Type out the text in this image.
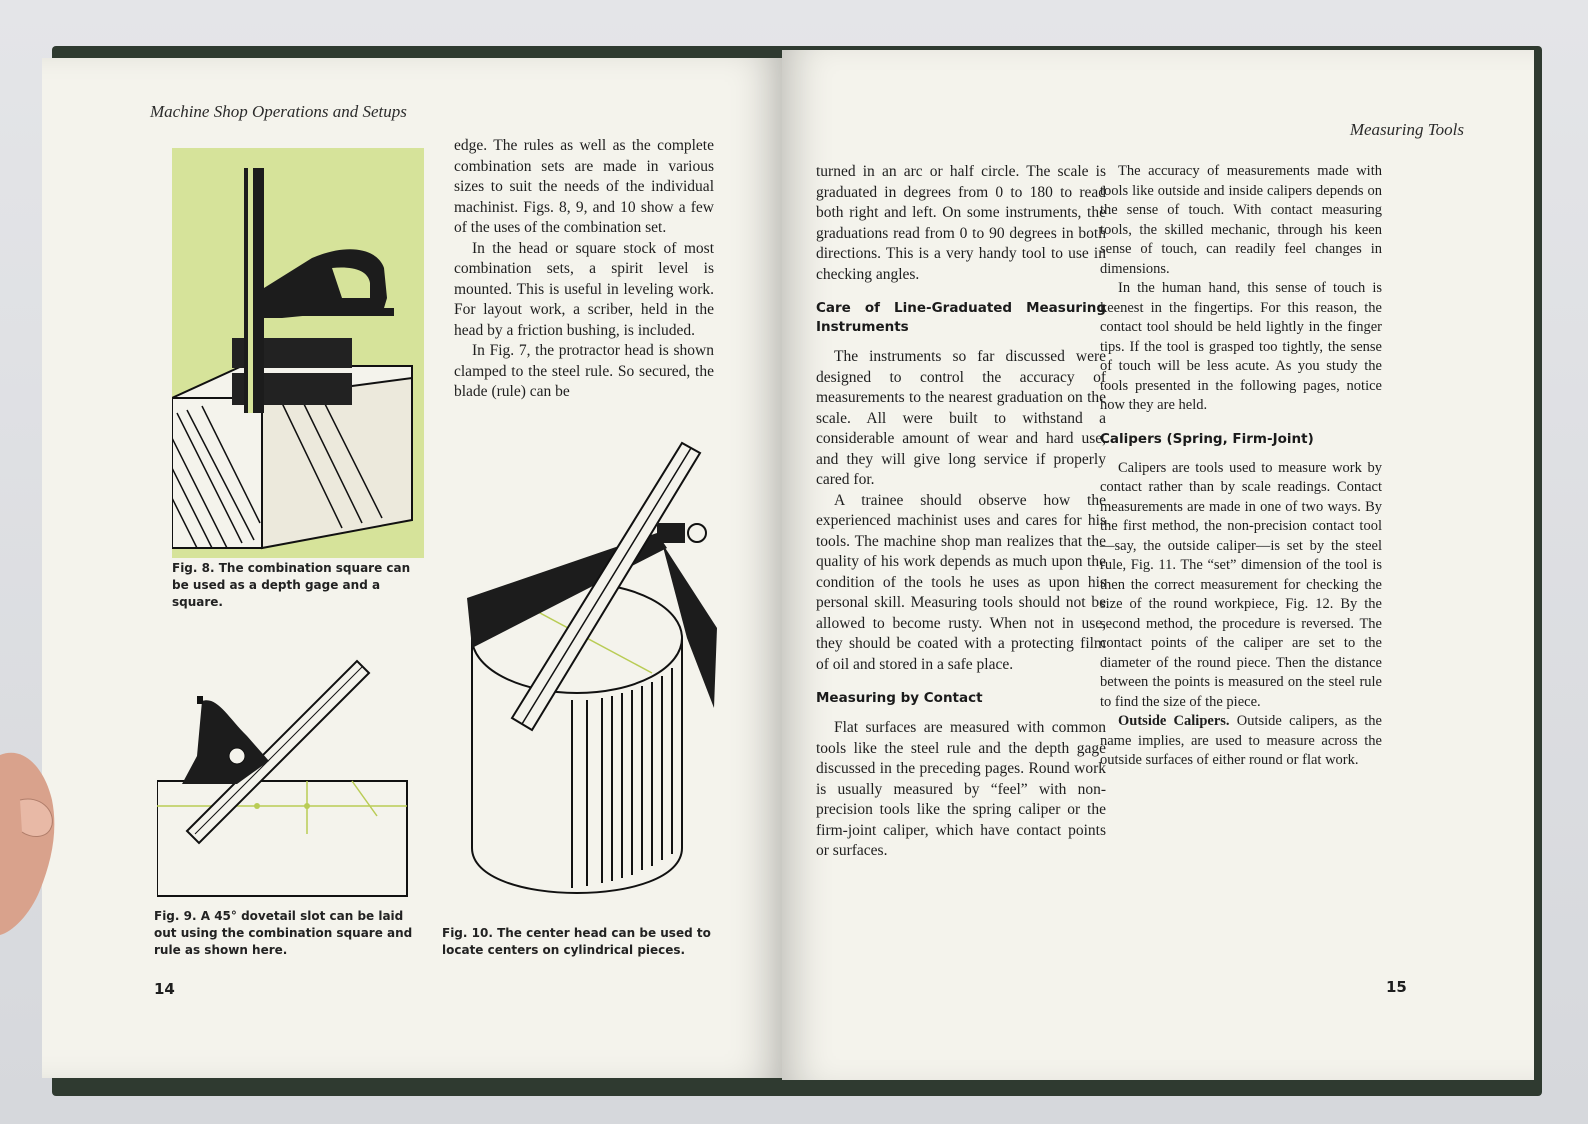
Machine Shop Operations and Setups
Fig. 8. The combination square can be used as a depth gage and a square.
Fig. 9. A 45° dovetail slot can be laid out using the combination square and rule as shown here.
Fig. 10. The center head can be used to locate centers on cylindrical pieces.

edge. The rules as well as the complete combination sets are made in various sizes to suit the needs of the individual machinist. Figs. 8, 9, and 10 show a few of the uses of the combination set.

In the head or square stock of most combination sets, a spirit level is mounted. This is useful in leveling work. For layout work, a scriber, held in the head by a friction bushing, is included.

In Fig. 7, the protractor head is shown clamped to the steel rule. So secured, the blade (rule) can be

14
Measuring Tools

turned in an arc or half circle. The scale is graduated in degrees from 0 to 180 to read both right and left. On some instruments, the graduations read from 0 to 90 degrees in both directions. This is a very handy tool to use in checking angles.

Care of Line-Graduated Measuring Instruments

The instruments so far discussed were designed to control the accuracy of measurements to the nearest graduation on the scale. All were built to withstand a considerable amount of wear and hard use, and they will give long service if properly cared for.

A trainee should observe how the experienced machinist uses and cares for his tools. The machine shop man realizes that the quality of his work depends as much upon the condition of the tools he uses as upon his personal skill. Measuring tools should not be allowed to become rusty. When not in use, they should be coated with a protecting film of oil and stored in a safe place.

Measuring by Contact

Flat surfaces are measured with common tools like the steel rule and the depth gage discussed in the preceding pages. Round work is usually measured by “feel” with non-precision tools like the spring caliper or the firm-joint caliper, which have contact points or surfaces.

The accuracy of measurements made with tools like outside and inside calipers depends on the sense of touch. With contact measuring tools, the skilled mechanic, through his keen sense of touch, can readily feel changes in dimensions.

In the human hand, this sense of touch is keenest in the fingertips. For this reason, the contact tool should be held lightly in the finger tips. If the tool is grasped too tightly, the sense of touch will be less acute. As you study the tools presented in the following pages, notice how they are held.

Calipers (Spring, Firm-Joint)

Calipers are tools used to measure work by contact rather than by scale readings. Contact measurements are made in one of two ways. By the first method, the non-precision contact tool—say, the outside caliper—is set by the steel rule, Fig. 11. The “set” dimension of the tool is then the correct measurement for checking the size of the round workpiece, Fig. 12. By the second method, the procedure is reversed. The contact points of the caliper are set to the diameter of the round piece. Then the distance between the points is measured on the steel rule to find the size of the piece.

Outside Calipers. Outside calipers, as the name implies, are used to measure across the outside surfaces of either round or flat work.

15
